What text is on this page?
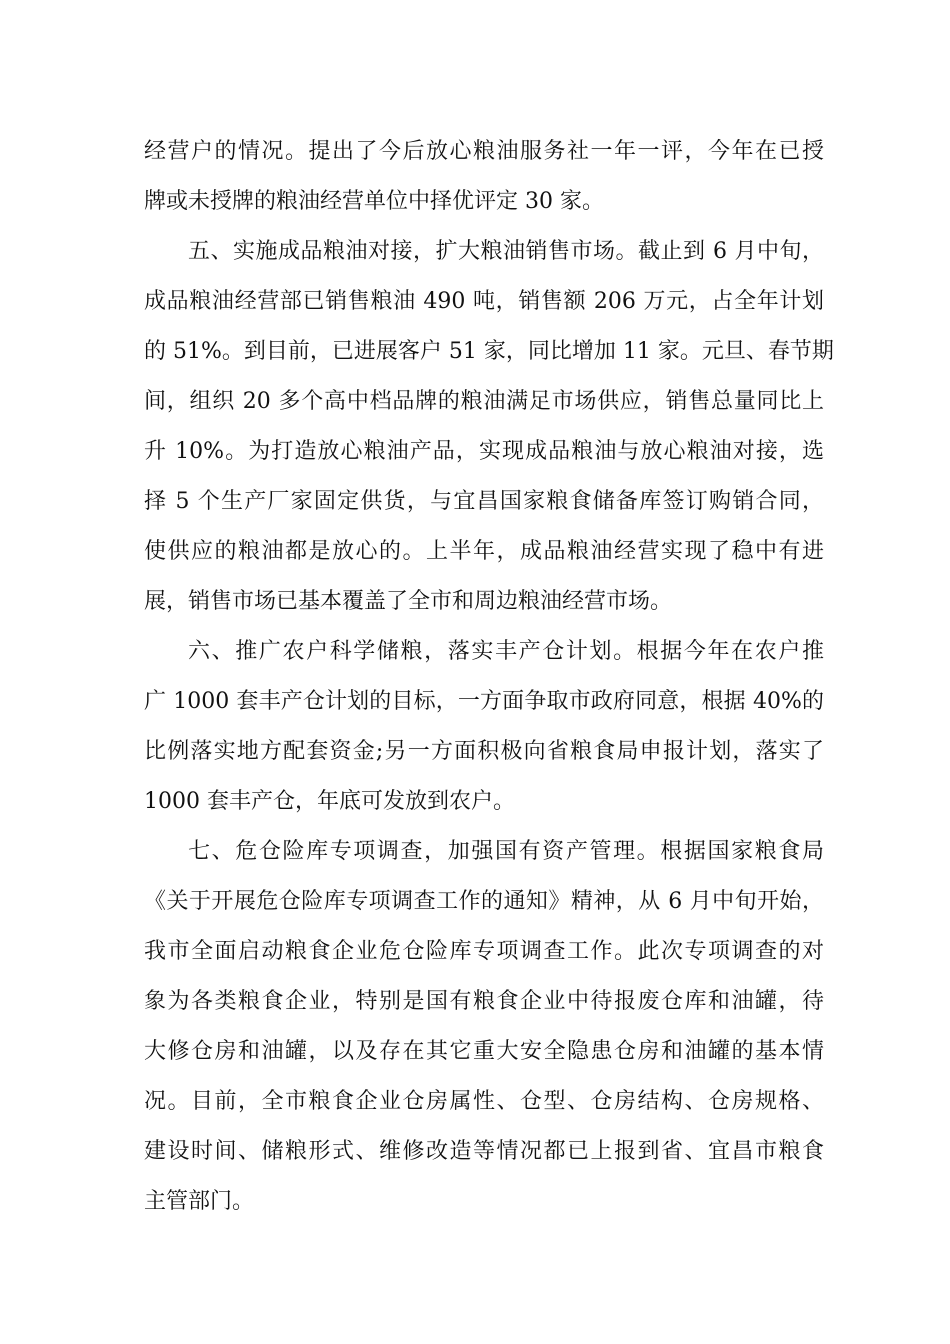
经营户的情况。提出了今后放心粮油服务社一年一评，今年在已授
牌或未授牌的粮油经营单位中择优评定 30 家。
五、实施成品粮油对接，扩大粮油销售市场。截止到 6 月中旬，
成品粮油经营部已销售粮油 490 吨，销售额 206 万元，占全年计划
的 51%。到目前，已进展客户 51 家，同比增加 11 家。元旦、春节期
间，组织 20 多个高中档品牌的粮油满足市场供应，销售总量同比上
升 10%。为打造放心粮油产品，实现成品粮油与放心粮油对接，选
择 5 个生产厂家固定供货，与宜昌国家粮食储备库签订购销合同，
使供应的粮油都是放心的。上半年，成品粮油经营实现了稳中有进
展，销售市场已基本覆盖了全市和周边粮油经营市场。
六、推广农户科学储粮，落实丰产仓计划。根据今年在农户推
广 1000 套丰产仓计划的目标，一方面争取市政府同意，根据 40%的
比例落实地方配套资金;另一方面积极向省粮食局申报计划，落实了
1000 套丰产仓，年底可发放到农户。
七、危仓险库专项调查，加强国有资产管理。根据国家粮食局
《关于开展危仓险库专项调查工作的通知》精神，从 6 月中旬开始，
我市全面启动粮食企业危仓险库专项调查工作。此次专项调查的对
象为各类粮食企业，特别是国有粮食企业中待报废仓库和油罐，待
大修仓房和油罐，以及存在其它重大安全隐患仓房和油罐的基本情
况。目前，全市粮食企业仓房属性、仓型、仓房结构、仓房规格、
建设时间、储粮形式、维修改造等情况都已上报到省、宜昌市粮食
主管部门。
